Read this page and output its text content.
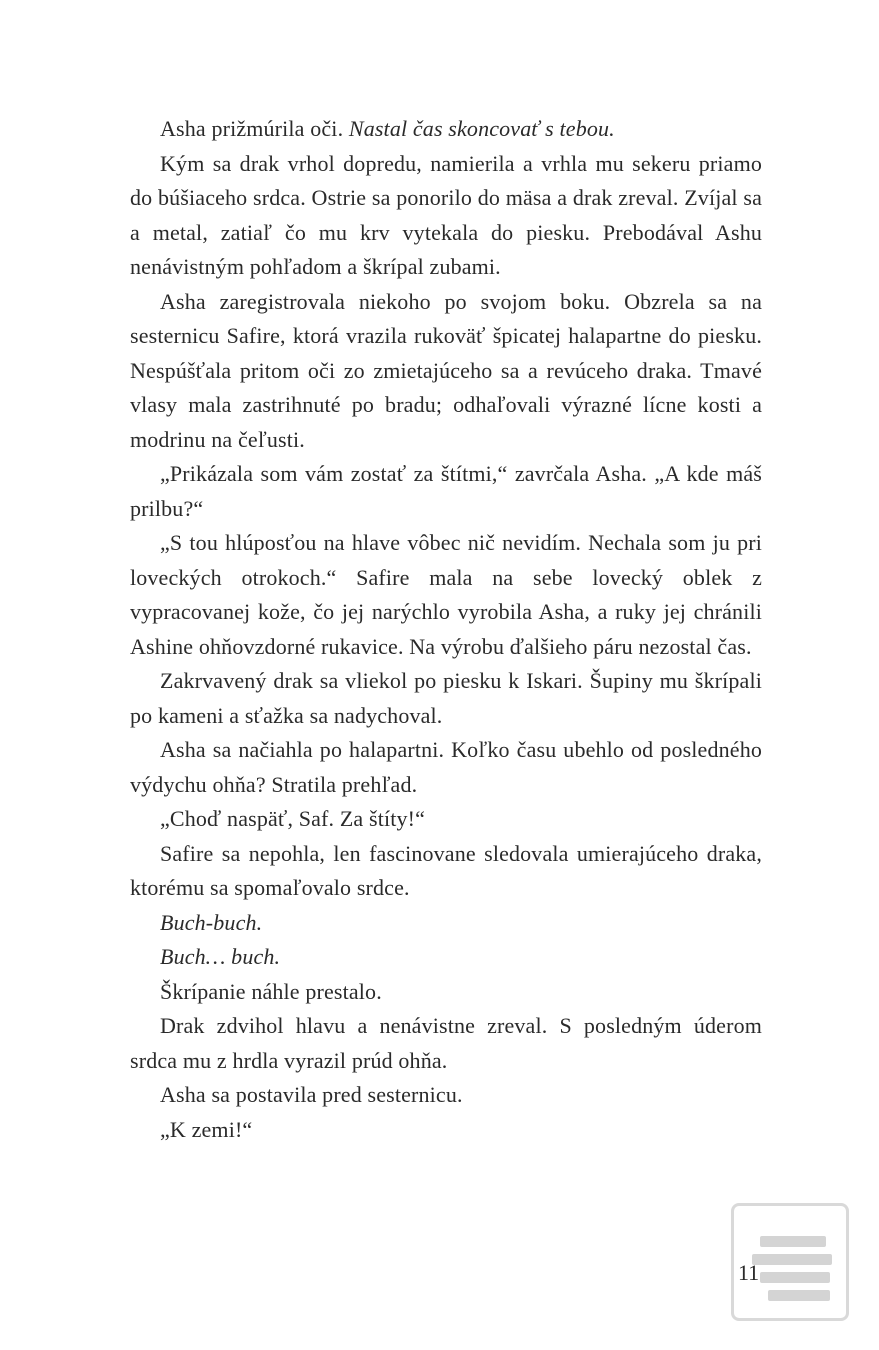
Asha prižmúrila oči. Nastal čas skoncovať s tebou.

Kým sa drak vrhol dopredu, namierila a vrhla mu sekeru priamo do búšiaceho srdca. Ostrie sa ponorilo do mäsa a drak zreval. Zvíjal sa a metal, zatiaľ čo mu krv vytekala do piesku. Prebodával Ashu nenávistným pohľadom a škrípal zubami.

Asha zaregistrovala niekoho po svojom boku. Obzrela sa na sesternicu Safire, ktorá vrazila rukoväť špicatej halapartne do piesku. Nespúšťala pritom oči zo zmietajúceho sa a revúceho draka. Tmavé vlasy mala zastrihnuté po bradu; odhaľovali výrazné lícne kosti a modrinu na čeľusti.

„Prikázala som vám zostať za štítmi,“ zavrčala Asha. „A kde máš prilbu?“

„S tou hlúposťou na hlave vôbec nič nevidím. Nechala som ju pri loveckých otrokoch.“ Safire mala na sebe lovecký oblek z vypracovanej kože, čo jej narýchlo vyrobila Asha, a ruky jej chránili Ashine ohňovzdorné rukavice. Na výrobu ďalšieho páru nezostal čas.

Zakrvavený drak sa vliekol po piesku k Iskari. Šupiny mu škrípali po kameni a sťažka sa nadychoval.

Asha sa načiahla po halapartni. Koľko času ubehlo od posledného výdychu ohňa? Stratila prehľad.

„Choď naspäť, Saf. Za štíty!“

Safire sa nepohla, len fascinovane sledovala umierajúceho draka, ktorému sa spomaľovalo srdce.

Buch-buch.

Buch… buch.

Škrípanie náhle prestalo.

Drak zdvihol hlavu a nenávistne zreval. S posledným úderom srdca mu z hrdla vyrazil prúd ohňa.

Asha sa postavila pred sesternicu.

„K zemi!“

11
